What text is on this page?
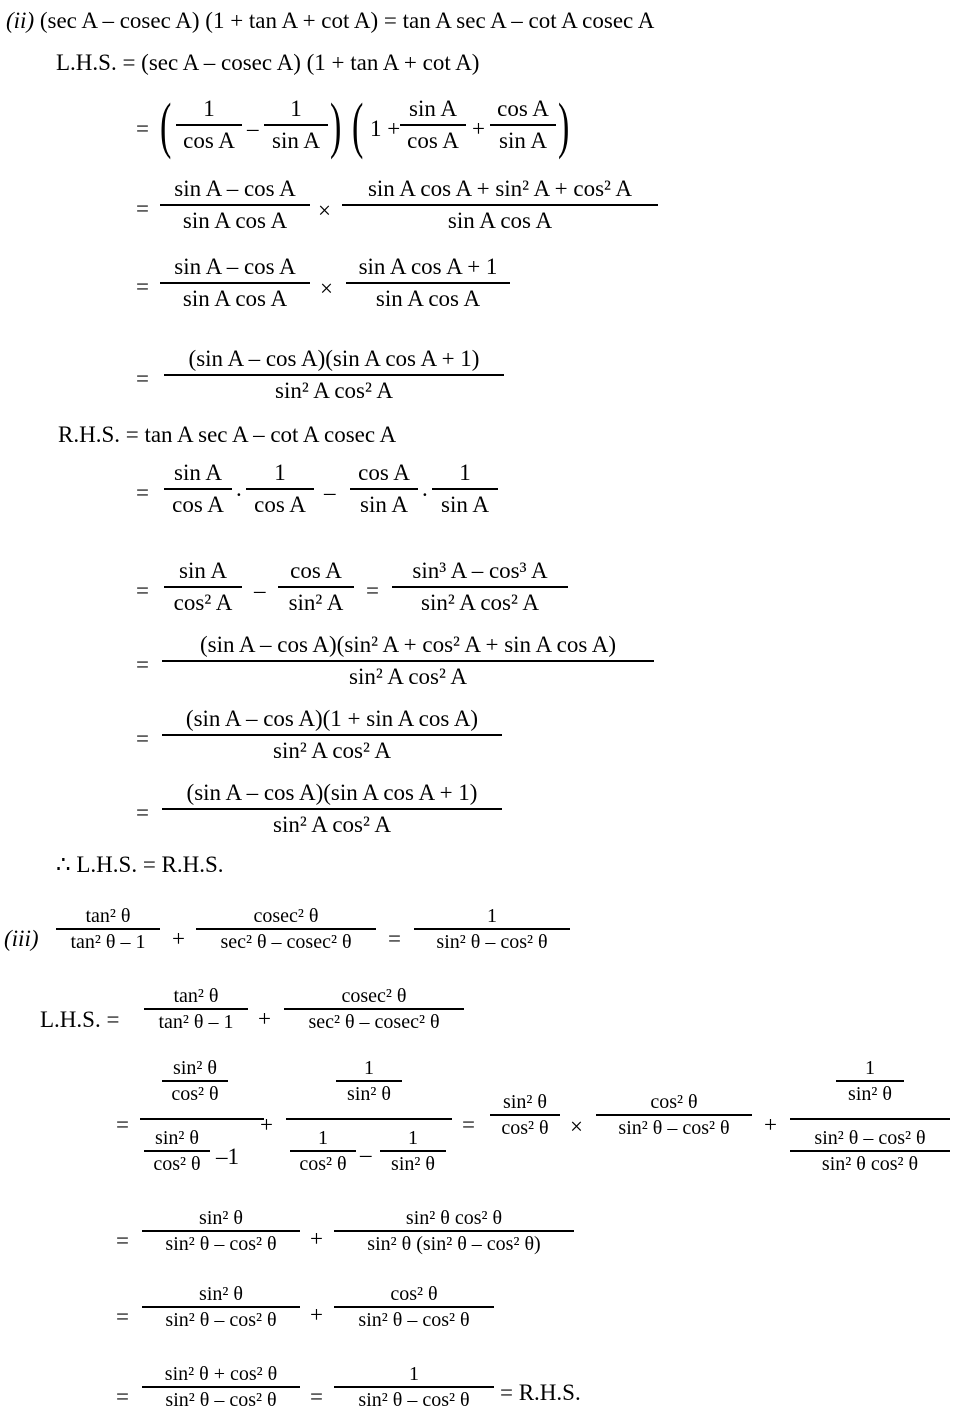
(ii) (sec A – cosec A) (1 + tan A + cot A) = tan A sec A – cot A cosec A
L.H.S. = (sec A – cosec A) (1 + tan A + cot A)
= (	1
cos A –
1
sin A ) ( 1 +
sin A
cos A +
cos A
sin A )
=
sin A – cos A
sin A cos A	×
sin A cos A + sin² A + cos² A
sin A cos A
=
sin A – cos A
sin A cos A	×
sin A cos A + 1
sin A cos A
=
(sin A – cos A)(sin A cos A + 1)
sin² A cos² A
R.H.S. = tan A sec A – cot A cosec A
=
sin A
cos A
.
1
cos A –
cos A
sin A
.
1
sin A
=
sin A
cos² A –
cos A
sin² A =
sin³ A – cos³ A
sin² A cos² A
=
(sin A – cos A)(sin² A + cos² A + sin A cos A)
sin² A cos² A
=
(sin A – cos A)(1 + sin A cos A)
sin² A cos² A
=
(sin A – cos A)(sin A cos A + 1)
sin² A cos² A
∴ L.H.S. = R.H.S.
(iii)
tan² θ
tan² θ – 1	+
cosec² θ
sec² θ – cosec² θ	=
1
sin² θ – cos² θ
L.H.S. =
tan² θ
tan² θ – 1	+
cosec² θ
sec² θ – cosec² θ
=
sin² θ
cos² θ
sin² θ
cos² θ –1
+
1
sin² θ
1
cos² θ –
1
sin² θ
=
sin² θ
cos² θ ×
cos² θ
sin² θ – cos² θ	+
1
sin² θ
sin² θ – cos² θ
sin² θ cos² θ
=
sin² θ
sin² θ – cos² θ	+
sin² θ cos² θ
sin² θ (sin² θ – cos² θ)
=
sin² θ
sin² θ – cos² θ	+
cos² θ
sin² θ – cos² θ
=
sin² θ + cos² θ
sin² θ – cos² θ	=
1
sin² θ – cos² θ	= R.H.S.
